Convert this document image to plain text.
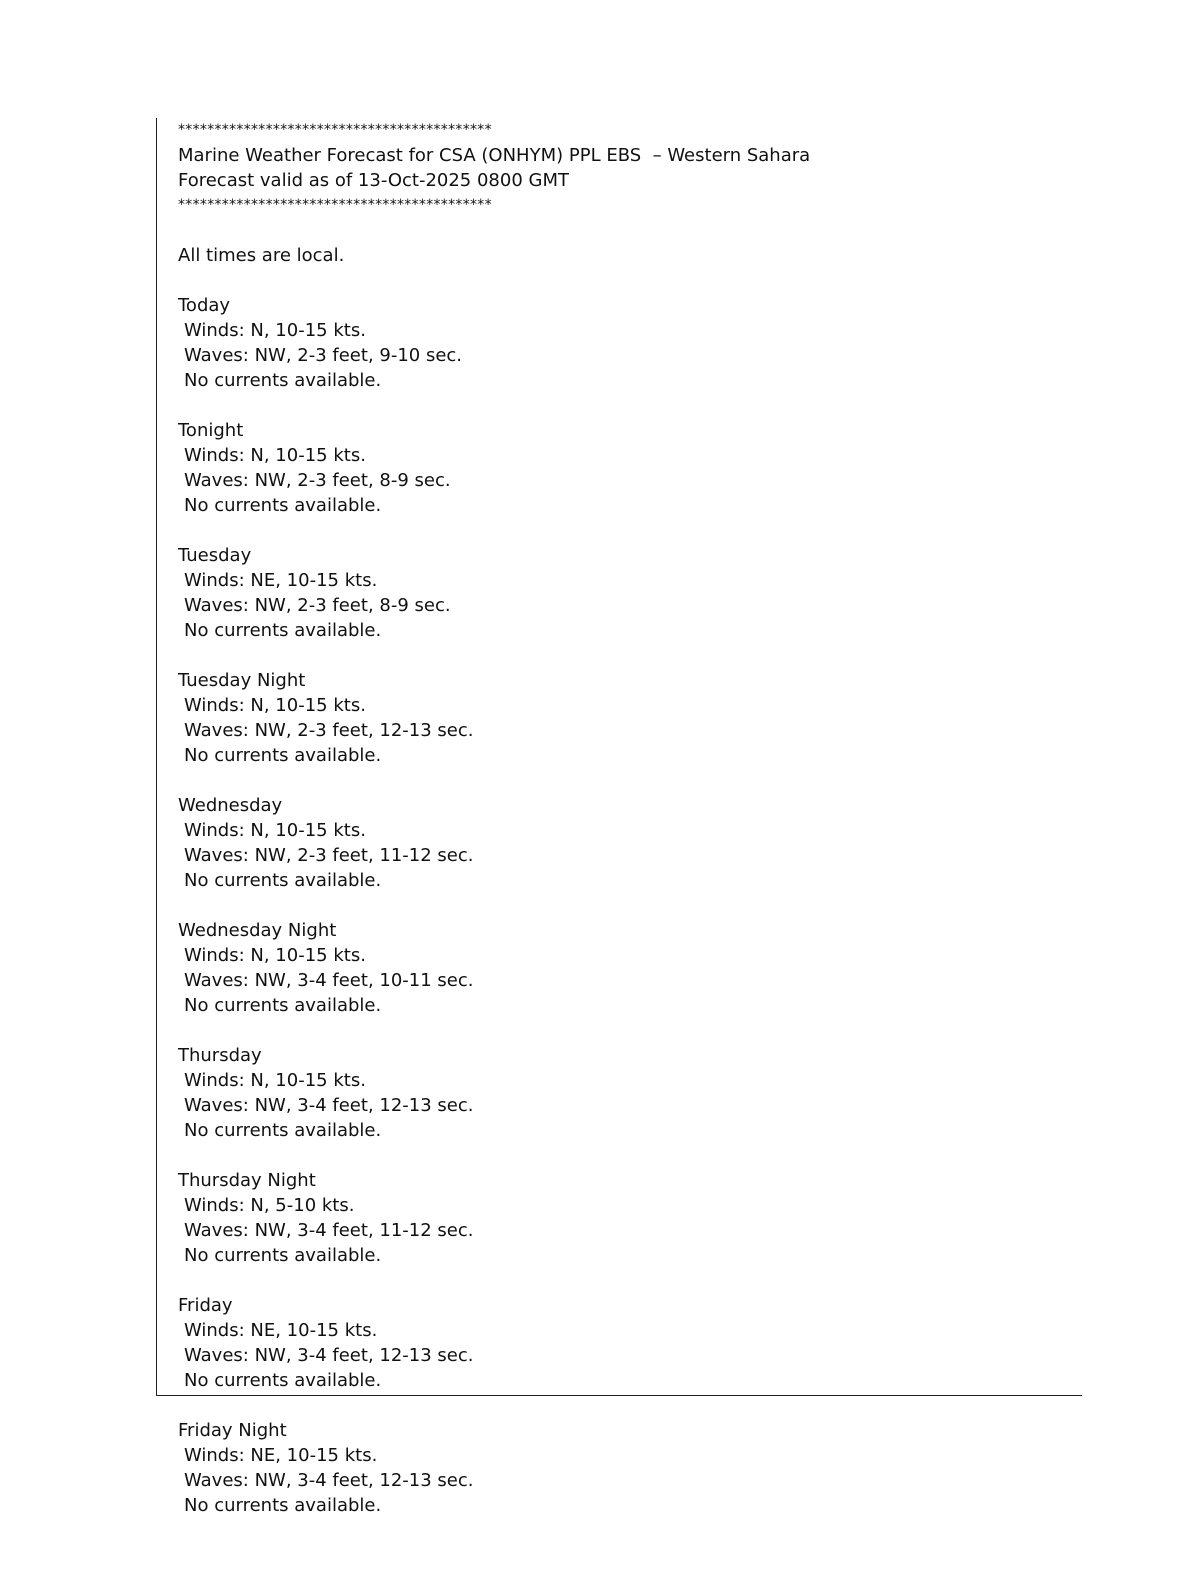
*******************************************
Marine Weather Forecast for CSA (ONHYM) PPL EBS  – Western Sahara
Forecast valid as of 13-Oct-2025 0800 GMT
*******************************************
All times are local.
Today
Winds: N, 10-15 kts.
Waves: NW, 2-3 feet, 9-10 sec.
No currents available.
Tonight
Winds: N, 10-15 kts.
Waves: NW, 2-3 feet, 8-9 sec.
No currents available.
Tuesday
Winds: NE, 10-15 kts.
Waves: NW, 2-3 feet, 8-9 sec.
No currents available.
Tuesday Night
Winds: N, 10-15 kts.
Waves: NW, 2-3 feet, 12-13 sec.
No currents available.
Wednesday
Winds: N, 10-15 kts.
Waves: NW, 2-3 feet, 11-12 sec.
No currents available.
Wednesday Night
Winds: N, 10-15 kts.
Waves: NW, 3-4 feet, 10-11 sec.
No currents available.
Thursday
Winds: N, 10-15 kts.
Waves: NW, 3-4 feet, 12-13 sec.
No currents available.
Thursday Night
Winds: N, 5-10 kts.
Waves: NW, 3-4 feet, 11-12 sec.
No currents available.
Friday
Winds: NE, 10-15 kts.
Waves: NW, 3-4 feet, 12-13 sec.
No currents available.
Friday Night
Winds: NE, 10-15 kts.
Waves: NW, 3-4 feet, 12-13 sec.
No currents available.
